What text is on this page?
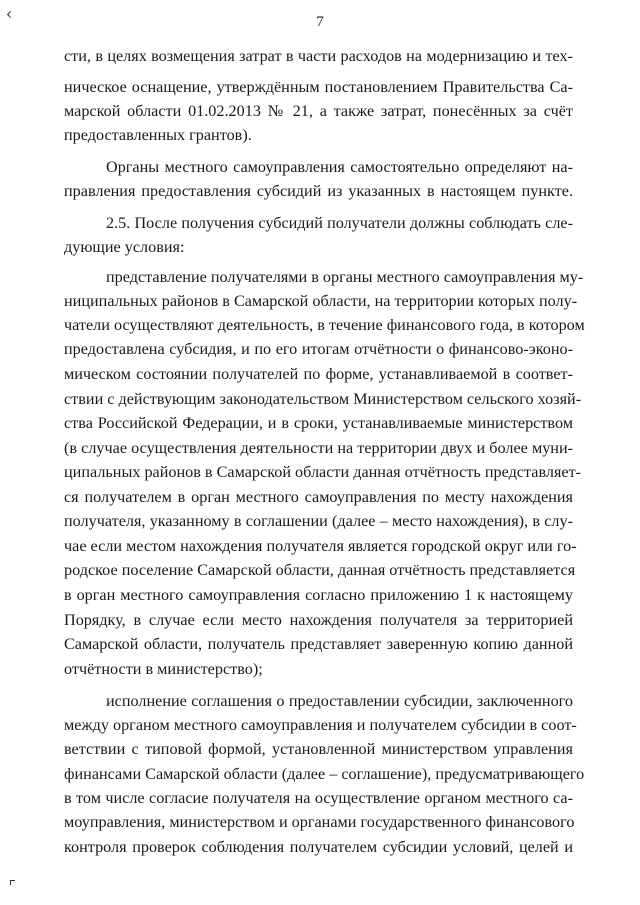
7
сти, в целях возмещения затрат в части расходов на модернизацию и тех-
ническое оснащение, утверждённым постановлением Правительства Са-
марской области 01.02.2013 № 21, а также затрат, понесённых за счёт
предоставленных грантов).
Органы местного самоуправления самостоятельно определяют на-
правления предоставления субсидий из указанных в настоящем пункте.
2.5. После получения субсидий получатели должны соблюдать сле-
дующие условия:
представление получателями в органы местного самоуправления му-
ниципальных районов в Самарской области, на территории которых полу-
чатели осуществляют деятельность, в течение финансового года, в котором
предоставлена субсидия, и по его итогам отчётности о финансово-эконо-
мическом состоянии получателей по форме, устанавливаемой в соответ-
ствии с действующим законодательством Министерством сельского хозяй-
ства Российской Федерации, и в сроки, устанавливаемые министерством
(в случае осуществления деятельности на территории двух и более муни-
ципальных районов в Самарской области данная отчётность представляет-
ся получателем в орган местного самоуправления по месту нахождения
получателя, указанному в соглашении (далее – место нахождения), в слу-
чае если местом нахождения получателя является городской округ или го-
родское поселение Самарской области, данная отчётность представляется
в орган местного самоуправления согласно приложению 1 к настоящему
Порядку, в случае если место нахождения получателя за территорией
Самарской области, получатель представляет заверенную копию данной
отчётности в министерство);
исполнение соглашения о предоставлении субсидии, заключенного
между органом местного самоуправления и получателем субсидии в соот-
ветствии с типовой формой, установленной министерством управления
финансами Самарской области (далее – соглашение), предусматривающего
в том числе согласие получателя на осуществление органом местного са-
моуправления, министерством и органами государственного финансового
контроля проверок соблюдения получателем субсидии условий, целей и
